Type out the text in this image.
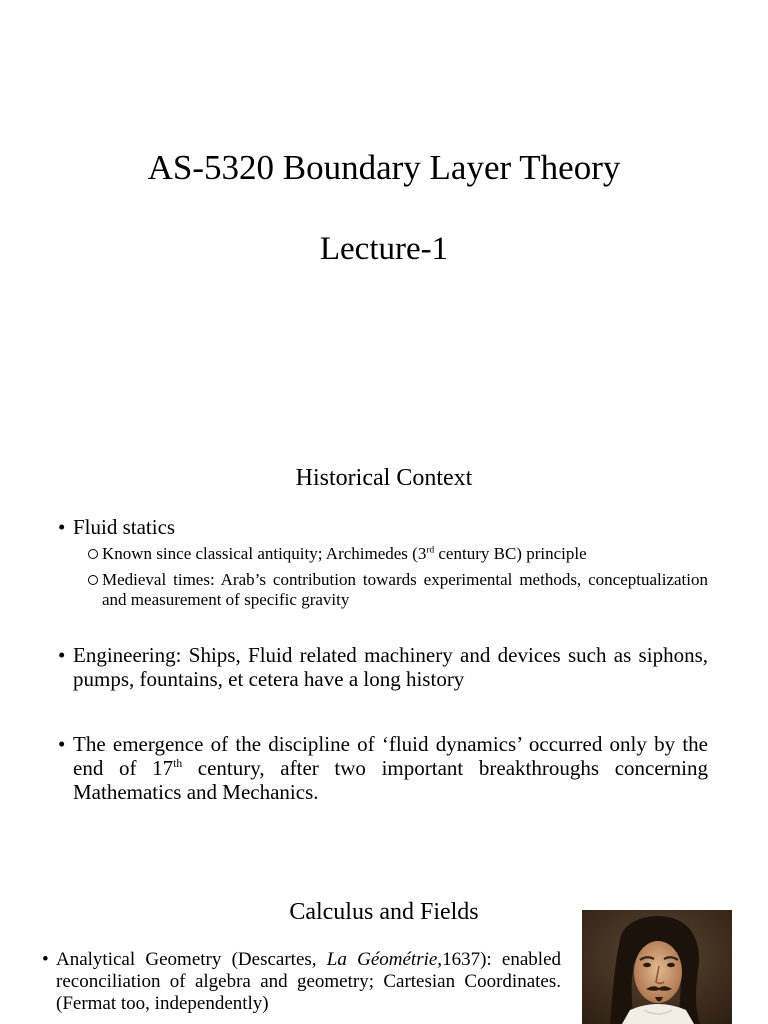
AS-5320 Boundary Layer Theory
Lecture-1
Historical Context
• Fluid statics
Known since classical antiquity; Archimedes (3rd century BC) principle
Medieval times: Arab’s contribution towards experimental methods, conceptualization and measurement of specific gravity
• Engineering: Ships, Fluid related machinery and devices such as siphons, pumps, fountains, et cetera have a long history
• The emergence of the discipline of ‘fluid dynamics’ occurred only by the end of 17th century, after two important breakthroughs concerning Mathematics and Mechanics.
Calculus and Fields
• Analytical Geometry (Descartes, La Géométrie,1637): enabled reconciliation of algebra and geometry; Cartesian Coordinates. (Fermat too, independently)
